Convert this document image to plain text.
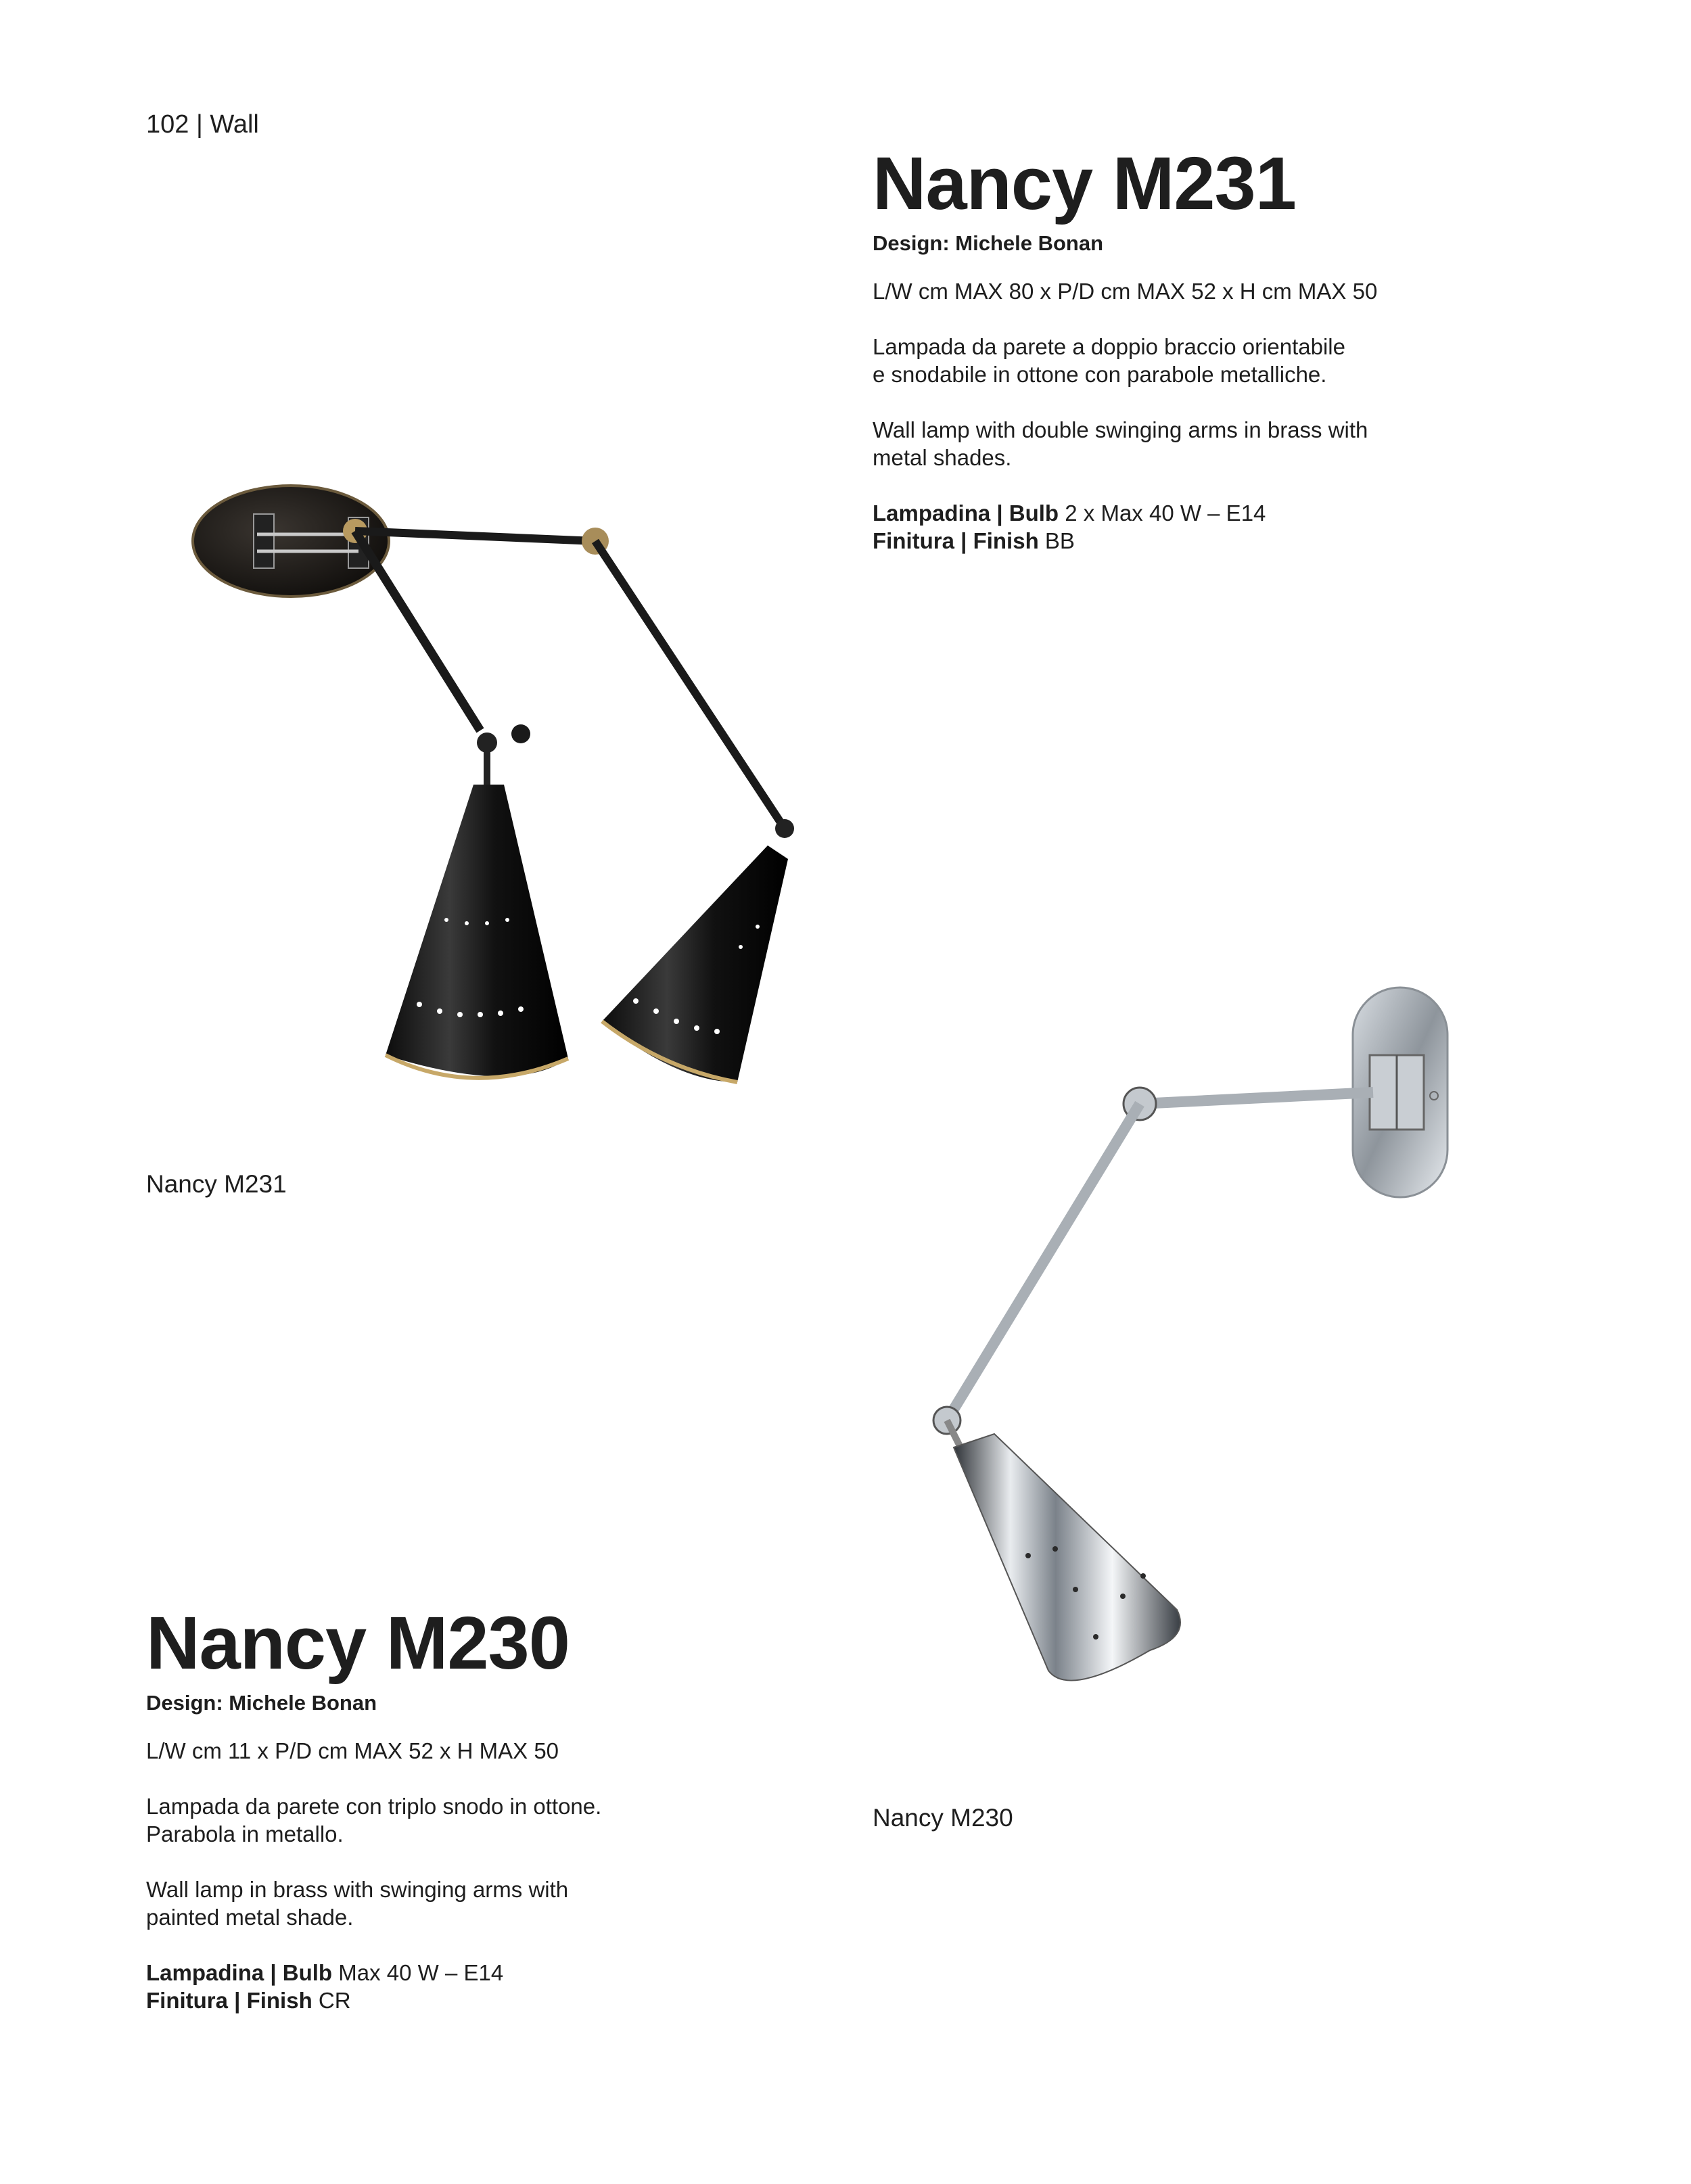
102 | Wall
Nancy M231
Design: Michele Bonan
L/W cm MAX 80 x P/D cm MAX 52 x H cm MAX 50
Lampada da parete a doppio braccio orientabile
e snodabile in ottone con parabole metalliche.
Wall lamp with double swinging arms in brass with
metal shades.
Lampadina | Bulb 2 x Max 40 W – E14
Finitura | Finish BB
Nancy M231
Nancy M230
Nancy M230
Design: Michele Bonan
L/W cm 11 x P/D cm MAX 52 x H MAX 50
Lampada da parete con triplo snodo in ottone.
Parabola in metallo.
Wall lamp in brass with swinging arms with
painted metal shade.
Lampadina | Bulb Max 40 W – E14
Finitura | Finish CR
